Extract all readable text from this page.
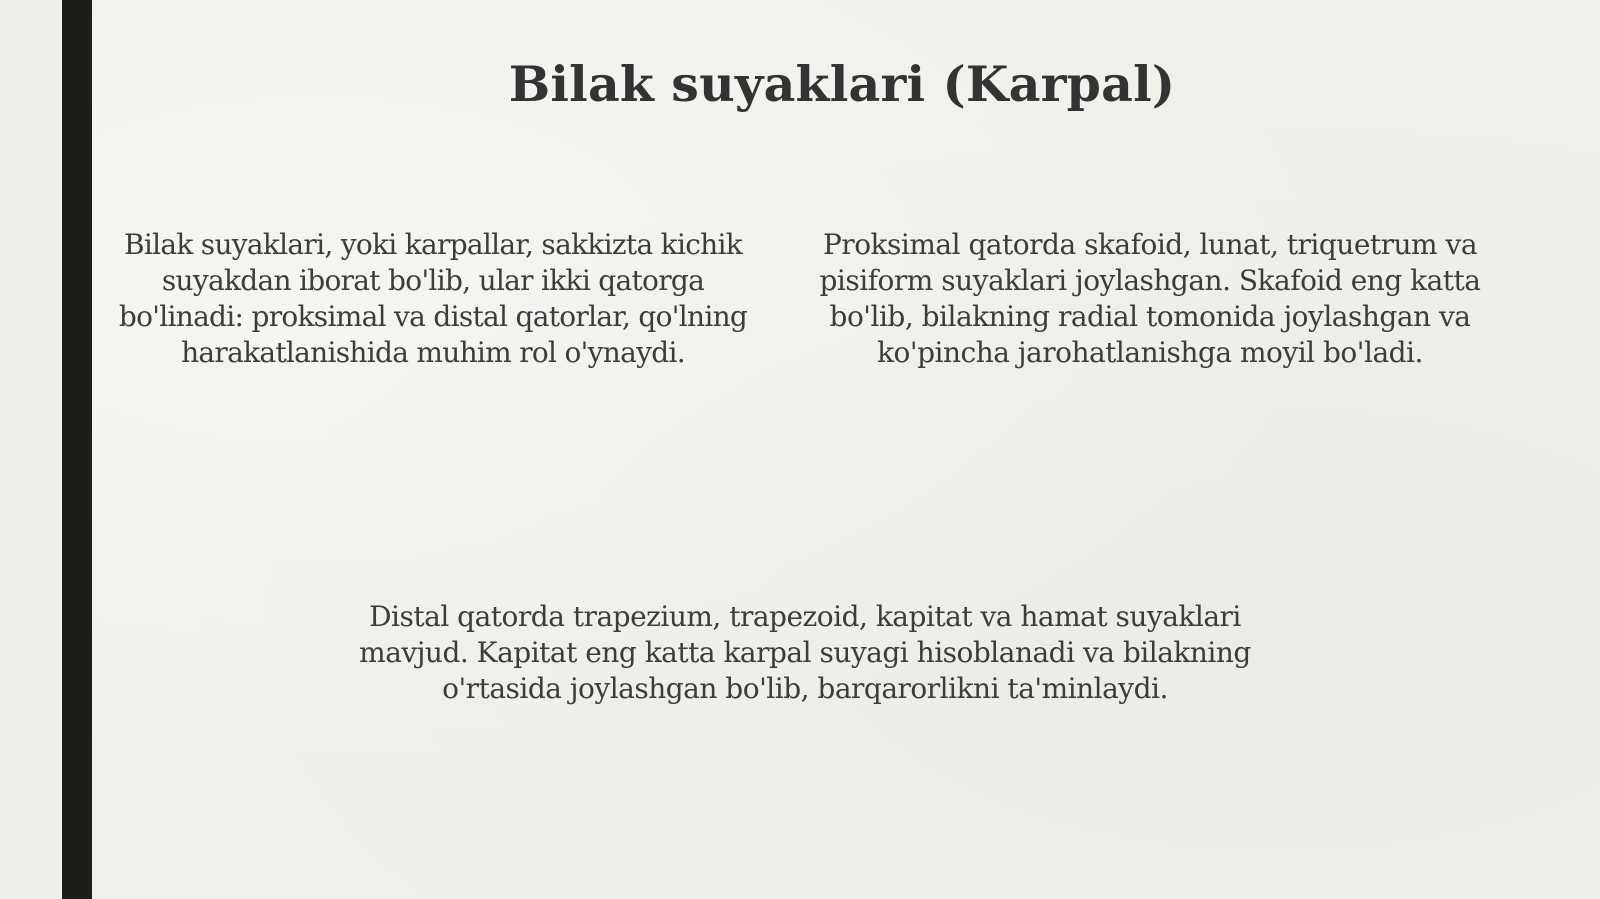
Bilak suyaklari (Karpal)
Bilak suyaklari, yoki karpallar, sakkizta kichik suyakdan iborat bo'lib, ular ikki qatorga bo'linadi: proksimal va distal qatorlar, qo'lning harakatlanishida muhim rol o'ynaydi.
Proksimal qatorda skafoid, lunat, triquetrum va pisiform suyaklari joylashgan. Skafoid eng katta bo'lib, bilakning radial tomonida joylashgan va ko'pincha jarohatlanishga moyil bo'ladi.
Distal qatorda trapezium, trapezoid, kapitat va hamat suyaklari mavjud. Kapitat eng katta karpal suyagi hisoblanadi va bilakning o'rtasida joylashgan bo'lib, barqarorlikni ta'minlaydi.
